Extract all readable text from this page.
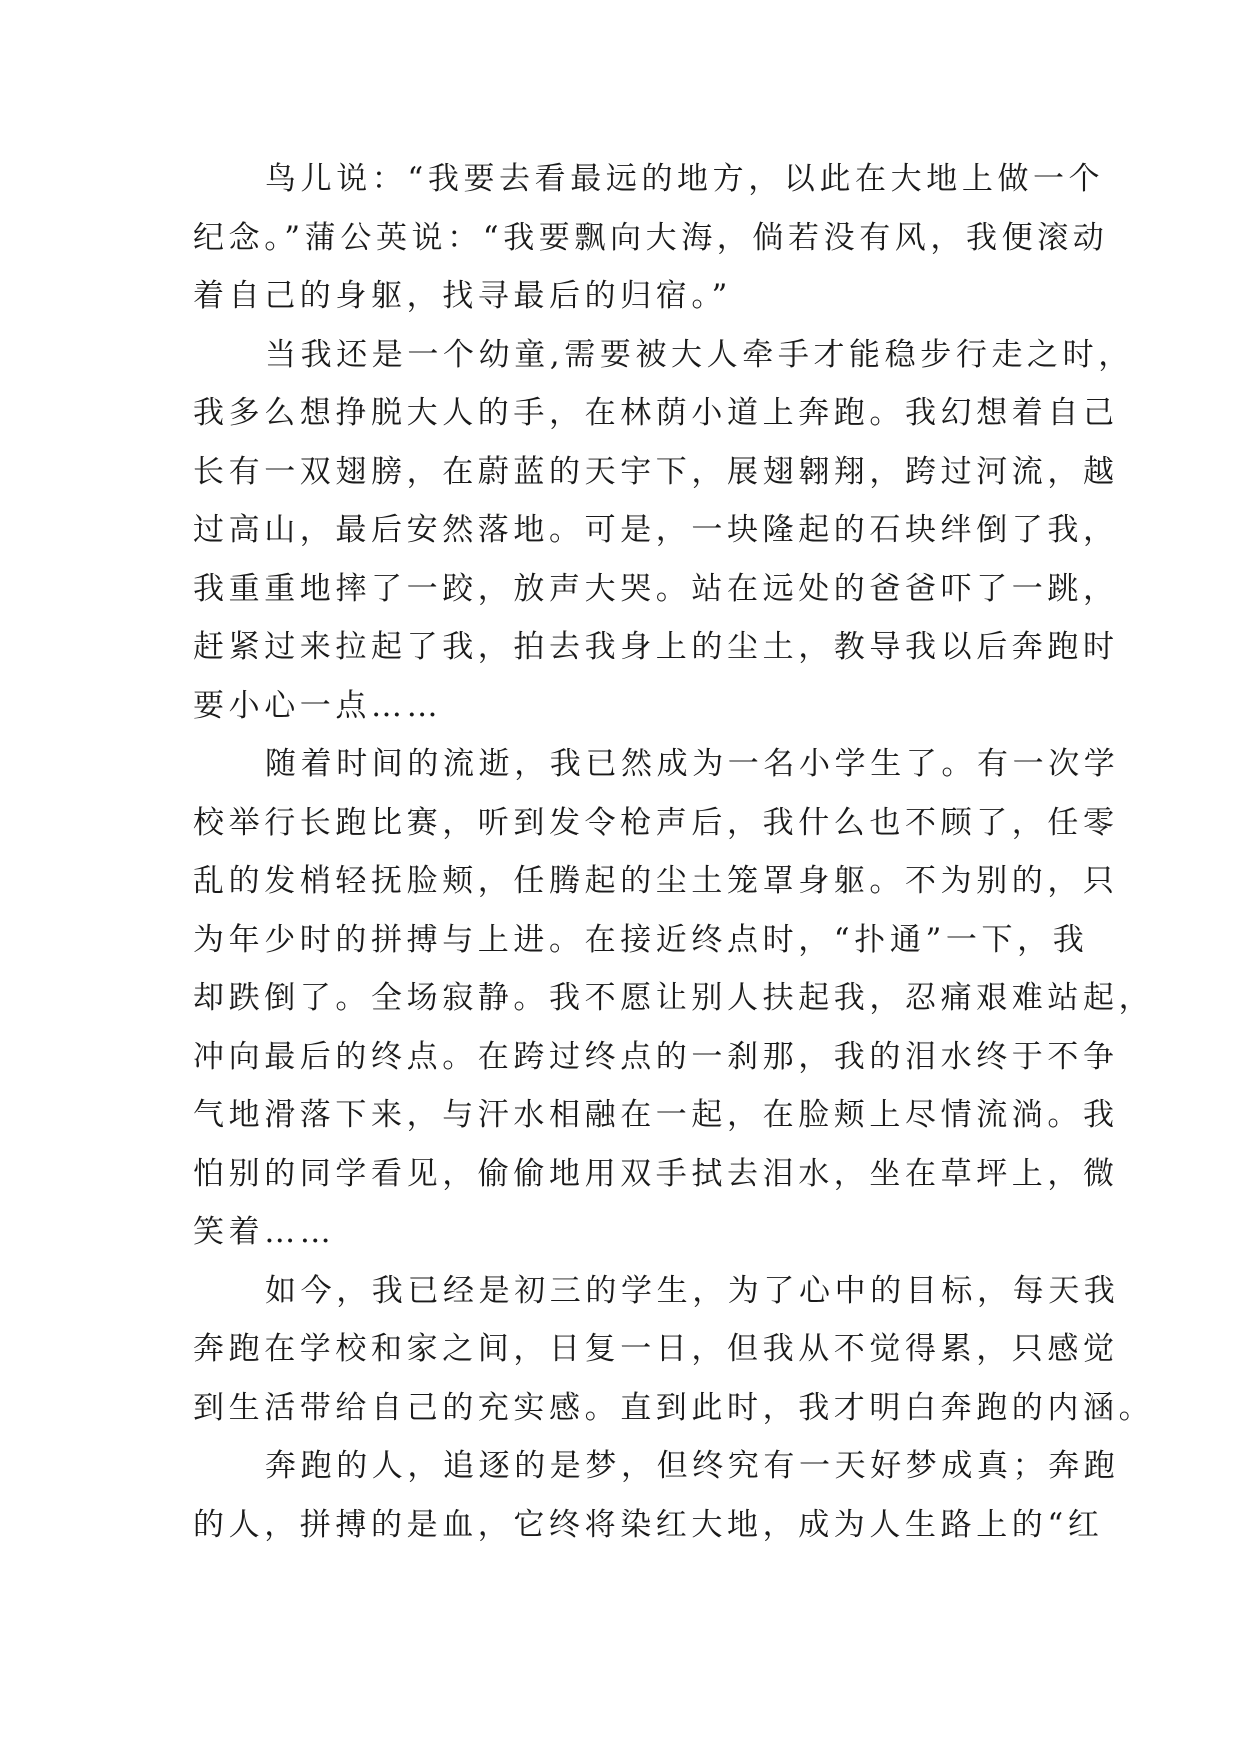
鸟儿说：“我要去看最远的地方，以此在大地上做一个
纪念。”蒲公英说：“我要飘向大海，倘若没有风，我便滚动
着自己的身躯，找寻最后的归宿。”
当我还是一个幼童,需要被大人牵手才能稳步行走之时，
我多么想挣脱大人的手，在林荫小道上奔跑。我幻想着自己
长有一双翅膀，在蔚蓝的天宇下，展翅翱翔，跨过河流，越
过高山，最后安然落地。可是，一块隆起的石块绊倒了我，
我重重地摔了一跤，放声大哭。站在远处的爸爸吓了一跳，
赶紧过来拉起了我，拍去我身上的尘土，教导我以后奔跑时
要小心一点……
随着时间的流逝，我已然成为一名小学生了。有一次学
校举行长跑比赛，听到发令枪声后，我什么也不顾了，任零
乱的发梢轻抚脸颊，任腾起的尘土笼罩身躯。不为别的，只
为年少时的拼搏与上进。在接近终点时，“扑通”一下，我
却跌倒了。全场寂静。我不愿让别人扶起我，忍痛艰难站起，
冲向最后的终点。在跨过终点的一刹那，我的泪水终于不争
气地滑落下来，与汗水相融在一起，在脸颊上尽情流淌。我
怕别的同学看见，偷偷地用双手拭去泪水，坐在草坪上，微
笑着……
如今，我已经是初三的学生，为了心中的目标，每天我
奔跑在学校和家之间，日复一日，但我从不觉得累，只感觉
到生活带给自己的充实感。直到此时，我才明白奔跑的内涵。
奔跑的人，追逐的是梦，但终究有一天好梦成真；奔跑
的人，拼搏的是血，它终将染红大地，成为人生路上的“红
